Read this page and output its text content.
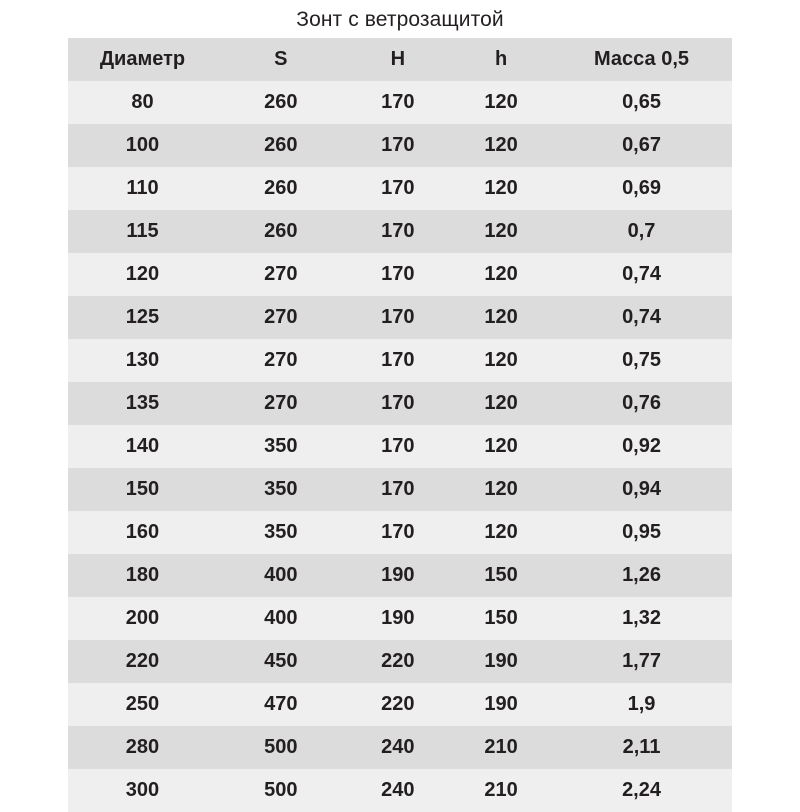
Зонт с ветрозащитой
Диаметр	S	H	h	Масса 0,5
80	260	170	120	0,65
100	260	170	120	0,67
110	260	170	120	0,69
115	260	170	120	0,7
120	270	170	120	0,74
125	270	170	120	0,74
130	270	170	120	0,75
135	270	170	120	0,76
140	350	170	120	0,92
150	350	170	120	0,94
160	350	170	120	0,95
180	400	190	150	1,26
200	400	190	150	1,32
220	450	220	190	1,77
250	470	220	190	1,9
280	500	240	210	2,11
300	500	240	210	2,24
